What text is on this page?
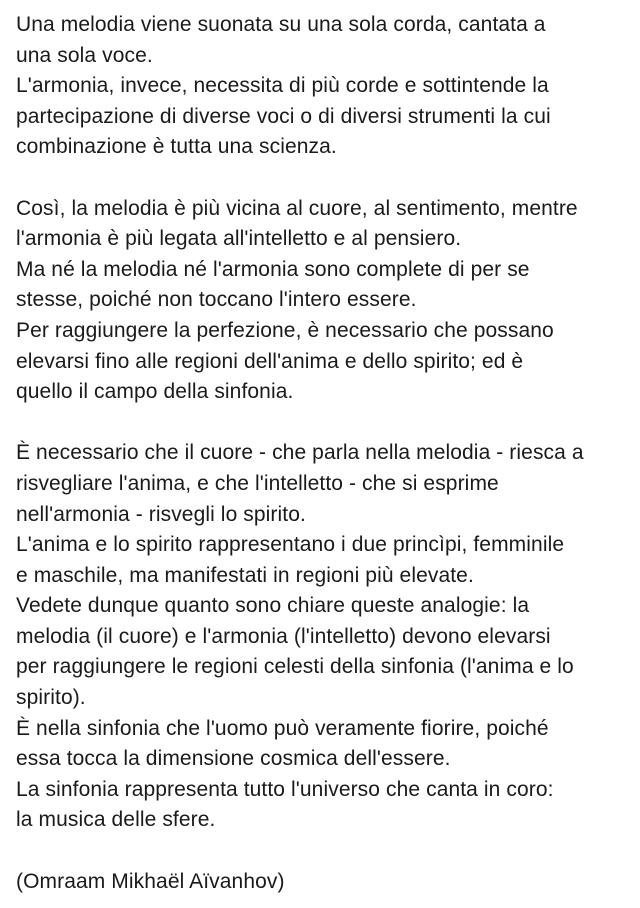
Una melodia viene suonata su una sola corda, cantata a
una sola voce.
L'armonia, invece, necessita di più corde e sottintende la
partecipazione di diverse voci o di diversi strumenti la cui
combinazione è tutta una scienza.
Così, la melodia è più vicina al cuore, al sentimento, mentre
l'armonia è più legata all'intelletto e al pensiero.
Ma né la melodia né l'armonia sono complete di per se
stesse, poiché non toccano l'intero essere.
Per raggiungere la perfezione, è necessario che possano
elevarsi fino alle regioni dell'anima e dello spirito; ed è
quello il campo della sinfonia.
È necessario che il cuore - che parla nella melodia - riesca a
risvegliare l'anima, e che l'intelletto - che si esprime
nell'armonia - risvegli lo spirito.
L'anima e lo spirito rappresentano i due princìpi, femminile
e maschile, ma manifestati in regioni più elevate.
Vedete dunque quanto sono chiare queste analogie: la
melodia (il cuore) e l'armonia (l'intelletto) devono elevarsi
per raggiungere le regioni celesti della sinfonia (l'anima e lo
spirito).
È nella sinfonia che l'uomo può veramente fiorire, poiché
essa tocca la dimensione cosmica dell'essere.
La sinfonia rappresenta tutto l'universo che canta in coro:
la musica delle sfere.
(Omraam Mikhaël Aïvanhov)
